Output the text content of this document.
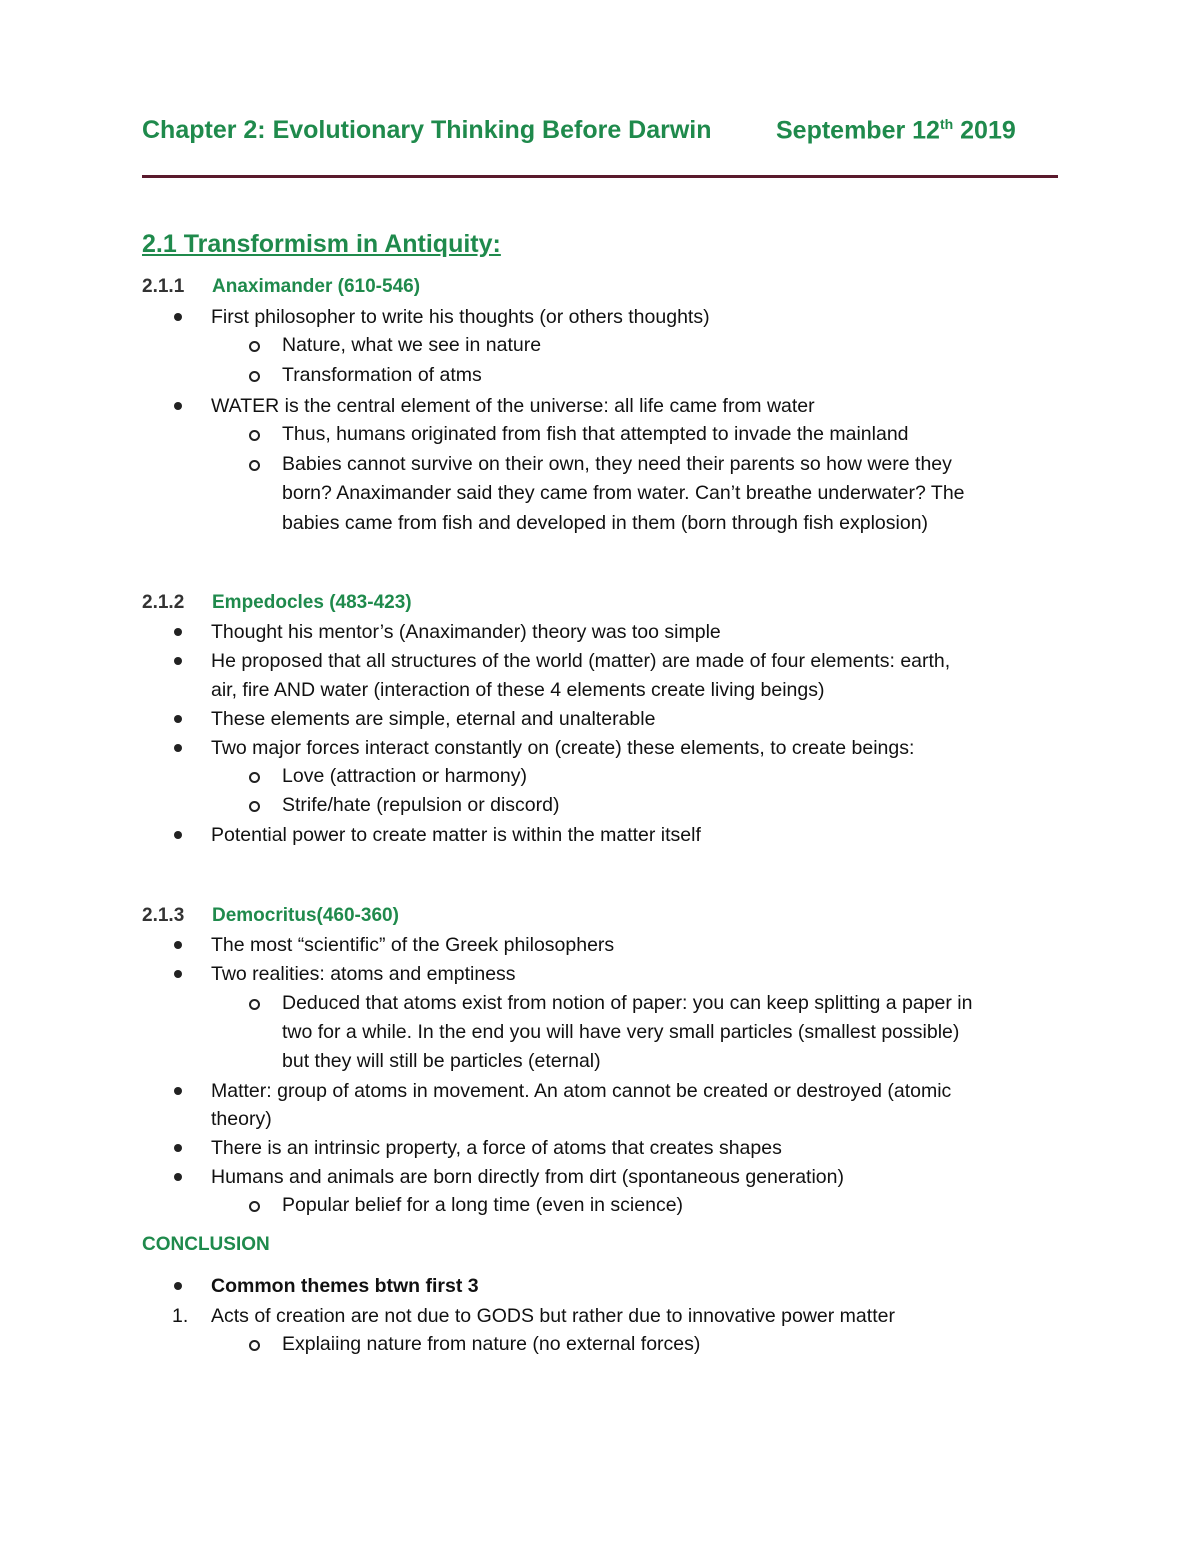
Chapter 2: Evolutionary Thinking Before Darwin	September 12th 2019
2.1 Transformism in Antiquity:
2.1.1 Anaximander (610-546)
First philosopher to write his thoughts (or others thoughts)
Nature, what we see in nature
Transformation of atms
WATER is the central element of the universe: all life came from water
Thus, humans originated from fish that attempted to invade the mainland
Babies cannot survive on their own, they need their parents so how were they
born? Anaximander said they came from water. Can’t breathe underwater? The
babies came from fish and developed in them (born through fish explosion)
2.1.2 Empedocles (483-423)
Thought his mentor’s (Anaximander) theory was too simple
He proposed that all structures of the world (matter) are made of four elements: earth,
air, fire AND water (interaction of these 4 elements create living beings)
These elements are simple, eternal and unalterable
Two major forces interact constantly on (create) these elements, to create beings:
Love (attraction or harmony)
Strife/hate (repulsion or discord)
Potential power to create matter is within the matter itself
2.1.3 Democritus(460-360)
The most “scientific” of the Greek philosophers
Two realities: atoms and emptiness
Deduced that atoms exist from notion of paper: you can keep splitting a paper in
two for a while. In the end you will have very small particles (smallest possible)
but they will still be particles (eternal)
Matter: group of atoms in movement. An atom cannot be created or destroyed (atomic
theory)
There is an intrinsic property, a force of atoms that creates shapes
Humans and animals are born directly from dirt (spontaneous generation)
Popular belief for a long time (even in science)
CONCLUSION
Common themes btwn first 3
1. Acts of creation are not due to GODS but rather due to innovative power matter
Explaiing nature from nature (no external forces)
